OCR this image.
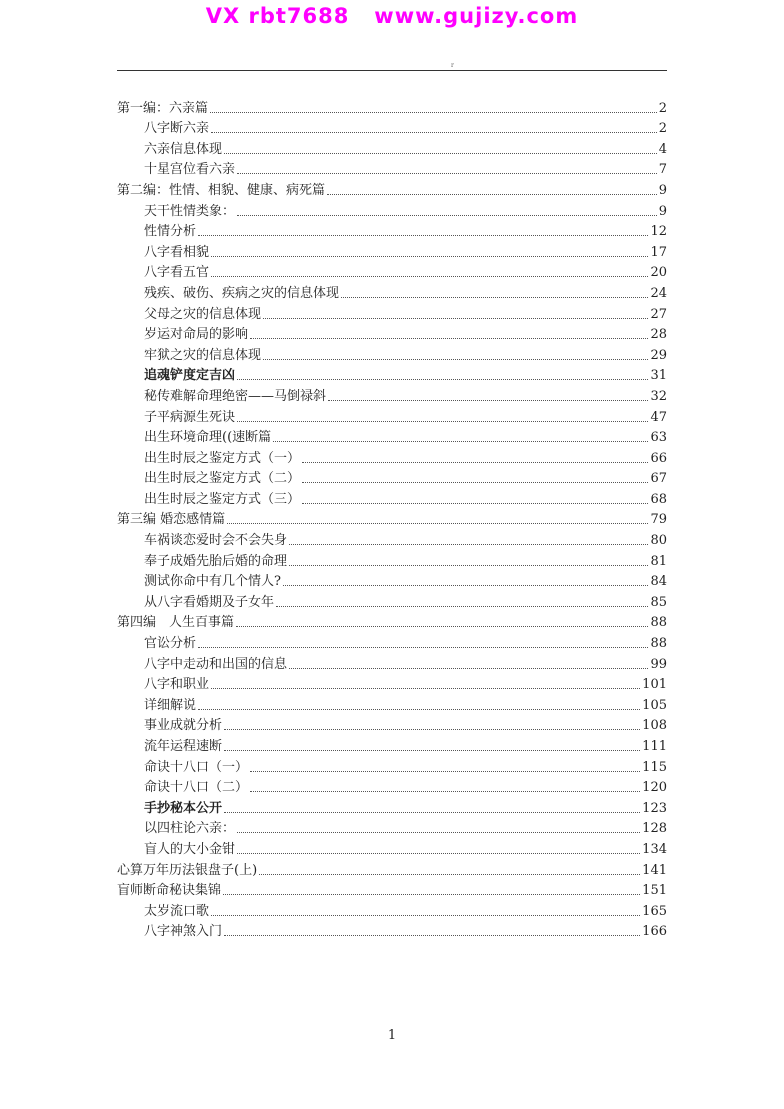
VX rbt7688   www.gujizy.com
r
第一编：六亲篇	2
八字断六亲	2
六亲信息体现	4
十星宫位看六亲	7
第二编：性情、相貌、健康、病死篇	9
天干性情类象：	9
性情分析	12
八字看相貌	17
八字看五官	20
残疾、破伤、疾病之灾的信息体现	24
父母之灾的信息体现	27
岁运对命局的影响	28
牢狱之灾的信息体现	29
追魂铲度定吉凶	31
秘传难解命理绝密——马倒禄斜	32
子平病源生死诀	47
出生环境命理((速断篇	63
出生时辰之鉴定方式（一）	66
出生时辰之鉴定方式（二）	67
出生时辰之鉴定方式（三）	68
第三编 婚恋感情篇	79
车祸谈恋爱时会不会失身	80
奉子成婚先胎后婚的命理	81
测试你命中有几个情人?	84
从八字看婚期及子女年	85
第四编　人生百事篇	88
官讼分析	88
八字中走动和出国的信息	99
八字和职业	101
详细解说	105
事业成就分析	108
流年运程速断	111
命诀十八口（一）	115
命诀十八口（二）	120
手抄秘本公开	123
以四柱论六亲：	128
盲人的大小金钳	134
心算万年历法银盘子(上)	141
盲师断命秘诀集锦	151
太岁流口歌	165
八字神煞入门	166
1
